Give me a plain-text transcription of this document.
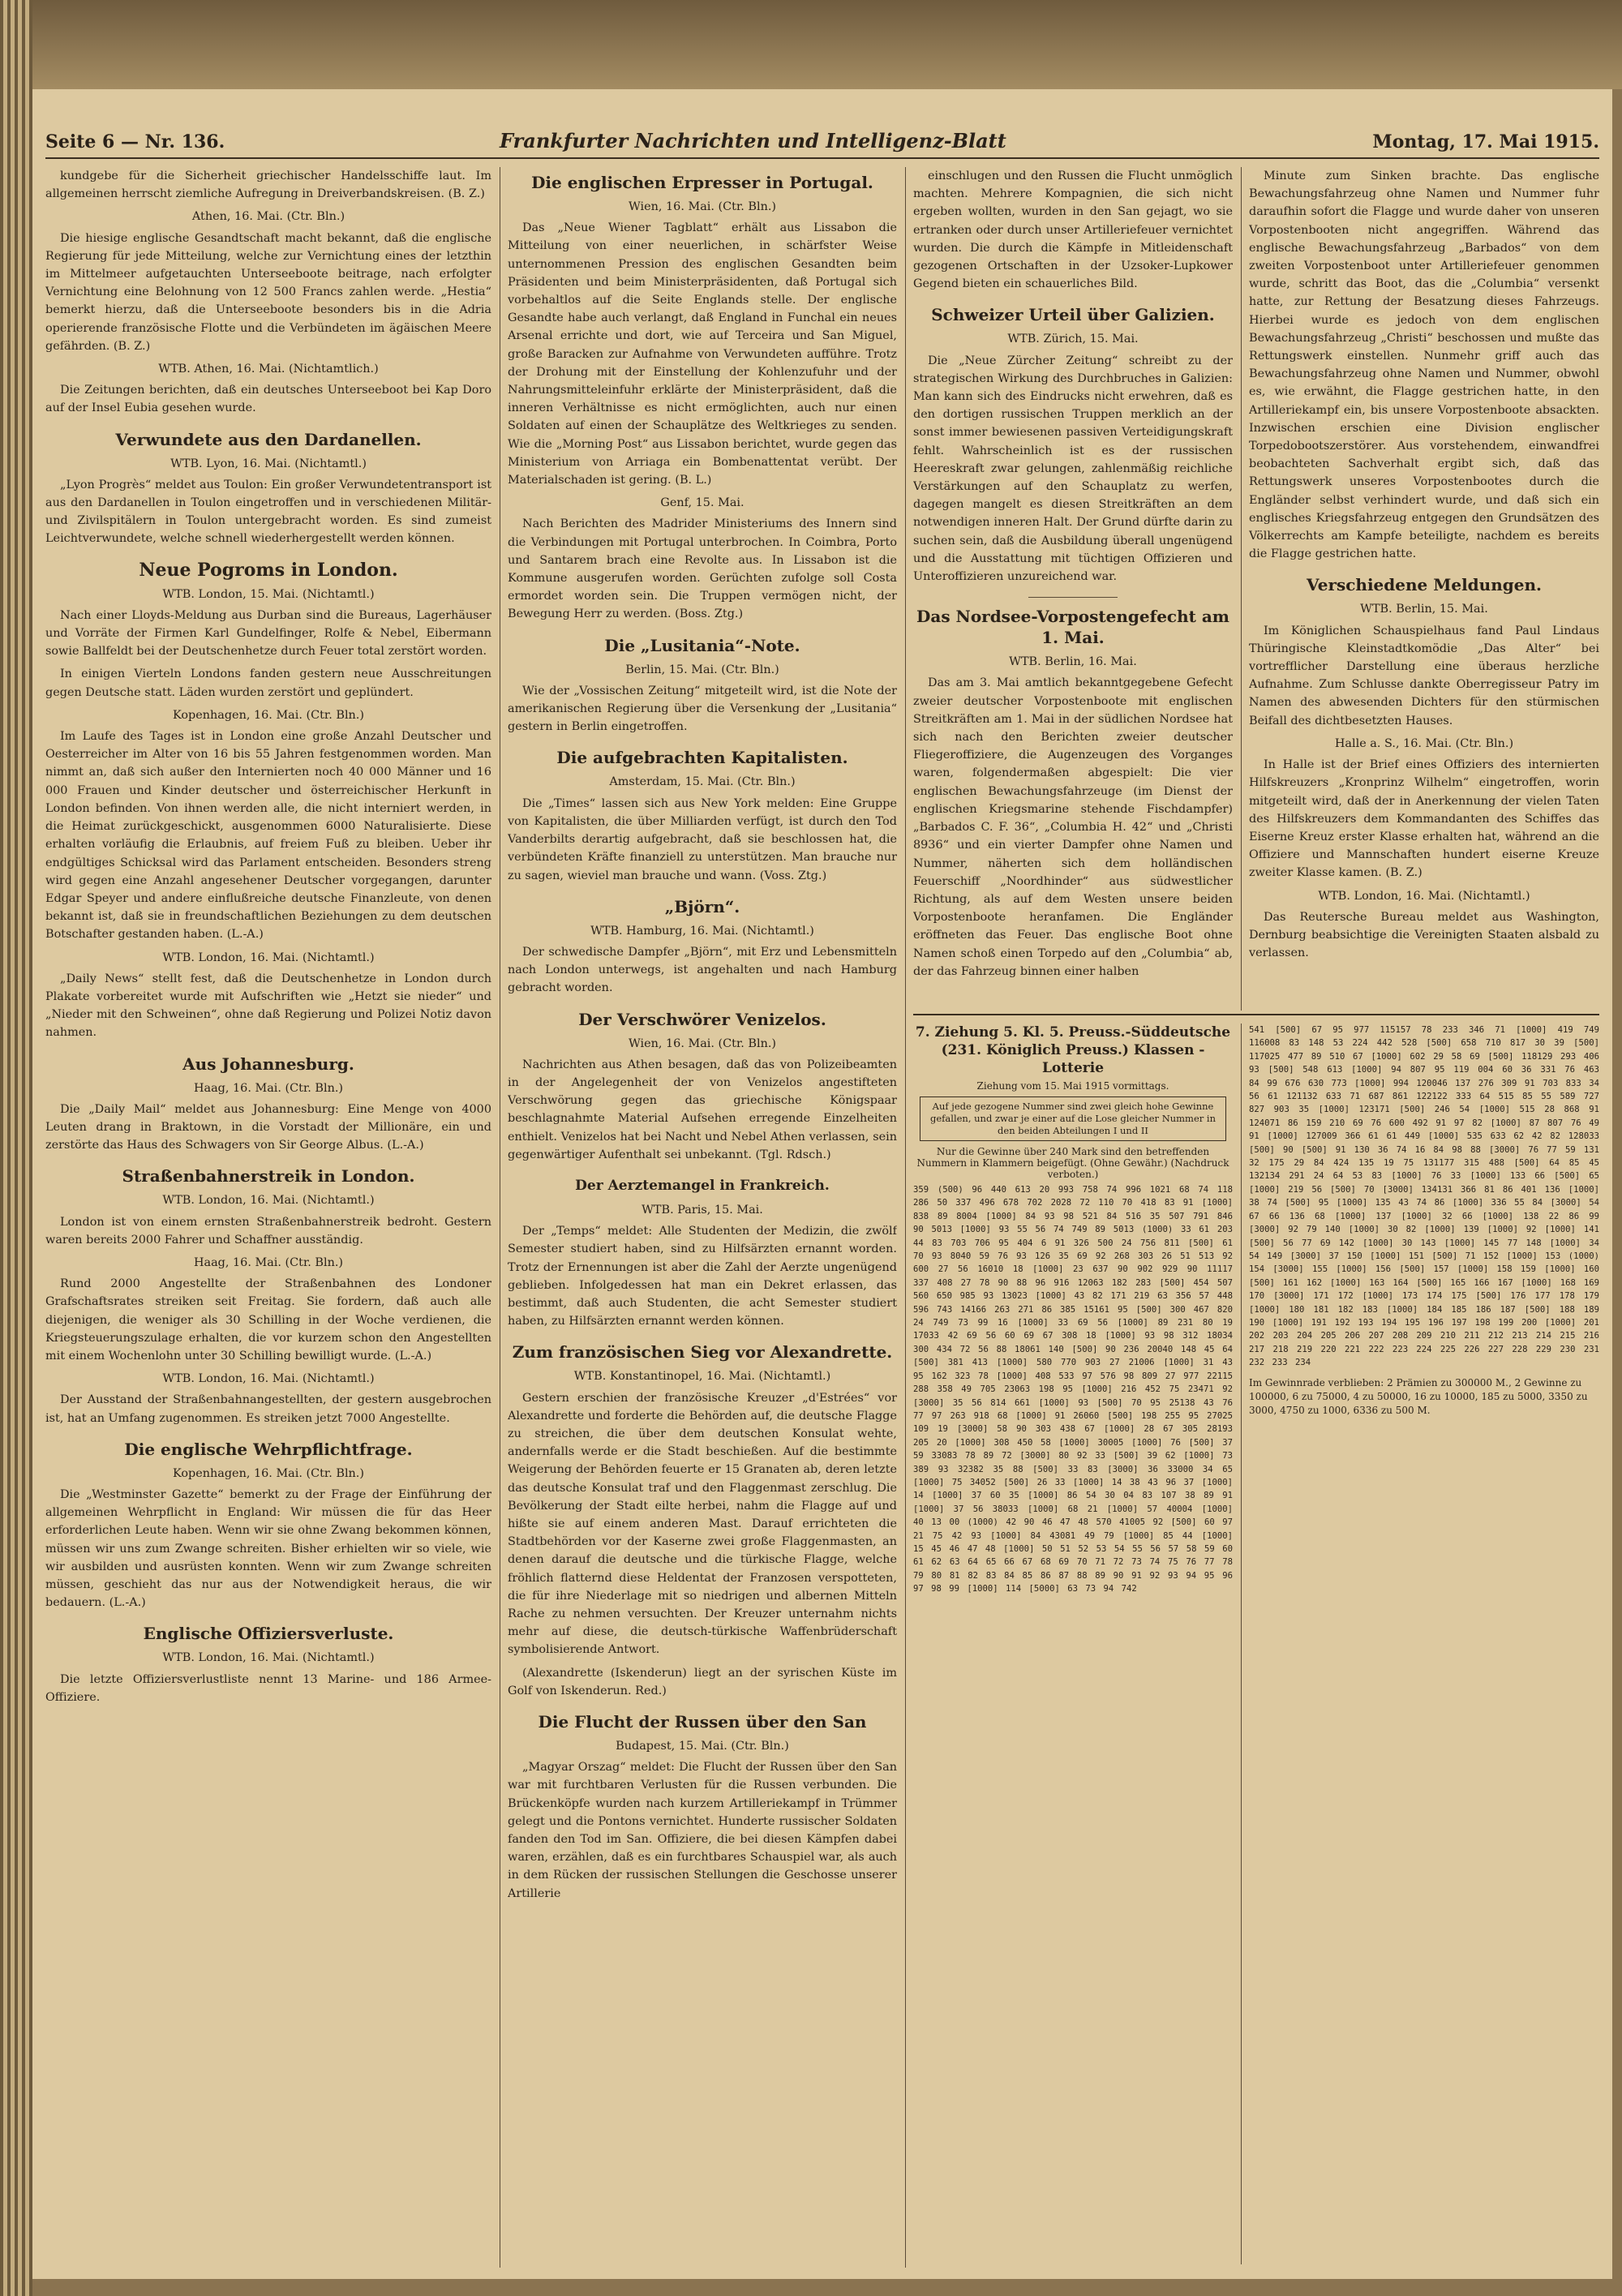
Seite 6 — Nr. 136.	Frankfurter Nachrichten und Intelligenz-Blatt	Montag, 17. Mai 1915.

kundgebe für die Sicherheit griechischer Handelsschiffe laut. Im allgemeinen herrscht ziemliche Aufregung in Dreiverbandskreisen. (B. Z.)

Athen, 16. Mai. (Ctr. Bln.)

Die hiesige englische Gesandtschaft macht bekannt, daß die englische Regierung für jede Mitteilung, welche zur Vernichtung eines der letzthin im Mittelmeer aufgetauchten Unterseeboote beitrage, nach erfolgter Vernichtung eine Belohnung von 12 500 Francs zahlen werde. „Hestia“ bemerkt hierzu, daß die Unterseeboote besonders bis in die Adria operierende französische Flotte und die Verbündeten im ägäischen Meere gefährden. (B. Z.)

WTB. Athen, 16. Mai. (Nichtamtlich.)

Die Zeitungen berichten, daß ein deutsches Unterseeboot bei Kap Doro auf der Insel Eubia gesehen wurde.

Verwundete aus den Dardanellen.
WTB. Lyon, 16. Mai. (Nichtamtl.)

„Lyon Progrès“ meldet aus Toulon: Ein großer Verwundetentransport ist aus den Dardanellen in Toulon eingetroffen und in verschiedenen Militär- und Zivilspitälern in Toulon untergebracht worden. Es sind zumeist Leichtverwundete, welche schnell wiederhergestellt werden können.

Neue Pogroms in London.
WTB. London, 15. Mai. (Nichtamtl.)

Nach einer Lloyds-Meldung aus Durban sind die Bureaus, Lagerhäuser und Vorräte der Firmen Karl Gundelfinger, Rolfe & Nebel, Eibermann sowie Ballfeldt bei der Deutschenhetze durch Feuer total zerstört worden.

In einigen Vierteln Londons fanden gestern neue Ausschreitungen gegen Deutsche statt. Läden wurden zerstört und geplündert.

Kopenhagen, 16. Mai. (Ctr. Bln.)

Im Laufe des Tages ist in London eine große Anzahl Deutscher und Oesterreicher im Alter von 16 bis 55 Jahren festgenommen worden. Man nimmt an, daß sich außer den Internierten noch 40 000 Männer und 16 000 Frauen und Kinder deutscher und österreichischer Herkunft in London befinden. Von ihnen werden alle, die nicht interniert werden, in die Heimat zurückgeschickt, ausgenommen 6000 Naturalisierte. Diese erhalten vorläufig die Erlaubnis, auf freiem Fuß zu bleiben. Ueber ihr endgültiges Schicksal wird das Parlament entscheiden. Besonders streng wird gegen eine Anzahl angesehener Deutscher vorgegangen, darunter Edgar Speyer und andere einflußreiche deutsche Finanzleute, von denen bekannt ist, daß sie in freundschaftlichen Beziehungen zu dem deutschen Botschafter gestanden haben. (L.-A.)

WTB. London, 16. Mai. (Nichtamtl.)

„Daily News“ stellt fest, daß die Deutschenhetze in London durch Plakate vorbereitet wurde mit Aufschriften wie „Hetzt sie nieder“ und „Nieder mit den Schweinen“, ohne daß Regierung und Polizei Notiz davon nahmen.

Aus Johannesburg.
Haag, 16. Mai. (Ctr. Bln.)

Die „Daily Mail“ meldet aus Johannesburg: Eine Menge von 4000 Leuten drang in Braktown, in die Vorstadt der Millionäre, ein und zerstörte das Haus des Schwagers von Sir George Albus. (L.-A.)

Straßenbahnerstreik in London.
WTB. London, 16. Mai. (Nichtamtl.)

London ist von einem ernsten Straßenbahnerstreik bedroht. Gestern waren bereits 2000 Fahrer und Schaffner ausständig.

Haag, 16. Mai. (Ctr. Bln.)

Rund 2000 Angestellte der Straßenbahnen des Londoner Grafschaftsrates streiken seit Freitag. Sie fordern, daß auch alle diejenigen, die weniger als 30 Schilling in der Woche verdienen, die Kriegsteuerungszulage erhalten, die vor kurzem schon den Angestellten mit einem Wochenlohn unter 30 Schilling bewilligt wurde. (L.-A.)

WTB. London, 16. Mai. (Nichtamtl.)

Der Ausstand der Straßenbahnangestellten, der gestern ausgebrochen ist, hat an Umfang zugenommen. Es streiken jetzt 7000 Angestellte.

Die englische Wehrpflichtfrage.
Kopenhagen, 16. Mai. (Ctr. Bln.)

Die „Westminster Gazette“ bemerkt zu der Frage der Einführung der allgemeinen Wehrpflicht in England: Wir müssen die für das Heer erforderlichen Leute haben. Wenn wir sie ohne Zwang bekommen können, müssen wir uns zum Zwange schreiten. Bisher erhielten wir so viele, wie wir ausbilden und ausrüsten konnten. Wenn wir zum Zwange schreiten müssen, geschieht das nur aus der Notwendigkeit heraus, die wir bedauern. (L.-A.)

Englische Offiziersverluste.
WTB. London, 16. Mai. (Nichtamtl.)

Die letzte Offiziersverlustliste nennt 13 Marine- und 186 Armee-Offiziere.

Die englischen Erpresser in Portugal.
Wien, 16. Mai. (Ctr. Bln.)

Das „Neue Wiener Tagblatt“ erhält aus Lissabon die Mitteilung von einer neuerlichen, in schärfster Weise unternommenen Pression des englischen Gesandten beim Präsidenten und beim Ministerpräsidenten, daß Portugal sich vorbehaltlos auf die Seite Englands stelle. Der englische Gesandte habe auch verlangt, daß England in Funchal ein neues Arsenal errichte und dort, wie auf Terceira und San Miguel, große Baracken zur Aufnahme von Verwundeten aufführe. Trotz der Drohung mit der Einstellung der Kohlenzufuhr und der Nahrungsmitteleinfuhr erklärte der Ministerpräsident, daß die inneren Verhältnisse es nicht ermöglichten, auch nur einen Soldaten auf einen der Schauplätze des Weltkrieges zu senden. Wie die „Morning Post“ aus Lissabon berichtet, wurde gegen das Ministerium von Arriaga ein Bombenattentat verübt. Der Materialschaden ist gering. (B. L.)

Genf, 15. Mai.

Nach Berichten des Madrider Ministeriums des Innern sind die Verbindungen mit Portugal unterbrochen. In Coimbra, Porto und Santarem brach eine Revolte aus. In Lissabon ist die Kommune ausgerufen worden. Gerüchten zufolge soll Costa ermordet worden sein. Die Truppen vermögen nicht, der Bewegung Herr zu werden. (Boss. Ztg.)

Die „Lusitania“-Note.
Berlin, 15. Mai. (Ctr. Bln.)

Wie der „Vossischen Zeitung“ mitgeteilt wird, ist die Note der amerikanischen Regierung über die Versenkung der „Lusitania“ gestern in Berlin eingetroffen.

Die aufgebrachten Kapitalisten.
Amsterdam, 15. Mai. (Ctr. Bln.)

Die „Times“ lassen sich aus New York melden: Eine Gruppe von Kapitalisten, die über Milliarden verfügt, ist durch den Tod Vanderbilts derartig aufgebracht, daß sie beschlossen hat, die verbündeten Kräfte finanziell zu unterstützen. Man brauche nur zu sagen, wieviel man brauche und wann. (Voss. Ztg.)

„Björn“.
WTB. Hamburg, 16. Mai. (Nichtamtl.)

Der schwedische Dampfer „Björn“, mit Erz und Lebensmitteln nach London unterwegs, ist angehalten und nach Hamburg gebracht worden.

Der Verschwörer Venizelos.
Wien, 16. Mai. (Ctr. Bln.)

Nachrichten aus Athen besagen, daß das von Polizeibeamten in der Angelegenheit der von Venizelos angestifteten Verschwörung gegen das griechische Königspaar beschlagnahmte Material Aufsehen erregende Einzelheiten enthielt. Venizelos hat bei Nacht und Nebel Athen verlassen, sein gegenwärtiger Aufenthalt sei unbekannt. (Tgl. Rdsch.)

Der Aerztemangel in Frankreich.
WTB. Paris, 15. Mai.

Der „Temps“ meldet: Alle Studenten der Medizin, die zwölf Semester studiert haben, sind zu Hilfsärzten ernannt worden. Trotz der Ernennungen ist aber die Zahl der Aerzte ungenügend geblieben. Infolgedessen hat man ein Dekret erlassen, das bestimmt, daß auch Studenten, die acht Semester studiert haben, zu Hilfsärzten ernannt werden können.

Zum französischen Sieg vor Alexandrette.
WTB. Konstantinopel, 16. Mai. (Nichtamtl.)

Gestern erschien der französische Kreuzer „d'Estrées“ vor Alexandrette und forderte die Behörden auf, die deutsche Flagge zu streichen, die über dem deutschen Konsulat wehte, andernfalls werde er die Stadt beschießen. Auf die bestimmte Weigerung der Behörden feuerte er 15 Granaten ab, deren letzte das deutsche Konsulat traf und den Flaggenmast zerschlug. Die Bevölkerung der Stadt eilte herbei, nahm die Flagge auf und hißte sie auf einem anderen Mast. Darauf errichteten die Stadtbehörden vor der Kaserne zwei große Flaggenmasten, an denen darauf die deutsche und die türkische Flagge, welche fröhlich flatternd diese Heldentat der Franzosen verspotteten, die für ihre Niederlage mit so niedrigen und albernen Mitteln Rache zu nehmen versuchten. Der Kreuzer unternahm nichts mehr auf diese, die deutsch-türkische Waffenbrüderschaft symbolisierende Antwort.

(Alexandrette (Iskenderun) liegt an der syrischen Küste im Golf von Iskenderun. Red.)

Die Flucht der Russen über den San
Budapest, 15. Mai. (Ctr. Bln.)

„Magyar Orszag“ meldet: Die Flucht der Russen über den San war mit furchtbaren Verlusten für die Russen verbunden. Die Brückenköpfe wurden nach kurzem Artilleriekampf in Trümmer gelegt und die Pontons vernichtet. Hunderte russischer Soldaten fanden den Tod im San. Offiziere, die bei diesen Kämpfen dabei waren, erzählen, daß es ein furchtbares Schauspiel war, als auch in dem Rücken der russischen Stellungen die Geschosse unserer Artillerie

einschlugen und den Russen die Flucht unmöglich machten. Mehrere Kompagnien, die sich nicht ergeben wollten, wurden in den San gejagt, wo sie ertranken oder durch unser Artilleriefeuer vernichtet wurden. Die durch die Kämpfe in Mitleidenschaft gezogenen Ortschaften in der Uzsoker-Lupkower Gegend bieten ein schauerliches Bild.

Schweizer Urteil über Galizien.
WTB. Zürich, 15. Mai.

Die „Neue Zürcher Zeitung“ schreibt zu der strategischen Wirkung des Durchbruches in Galizien: Man kann sich des Eindrucks nicht erwehren, daß es den dortigen russischen Truppen merklich an der sonst immer bewiesenen passiven Verteidigungskraft fehlt. Wahrscheinlich ist es der russischen Heereskraft zwar gelungen, zahlenmäßig reichliche Verstärkungen auf den Schauplatz zu werfen, dagegen mangelt es diesen Streitkräften an dem notwendigen inneren Halt. Der Grund dürfte darin zu suchen sein, daß die Ausbildung überall ungenügend und die Ausstattung mit tüchtigen Offizieren und Unteroffizieren unzureichend war.

Das Nordsee-Vorpostengefecht am 1. Mai.
WTB. Berlin, 16. Mai.

Das am 3. Mai amtlich bekanntgegebene Gefecht zweier deutscher Vorpostenboote mit englischen Streitkräften am 1. Mai in der südlichen Nordsee hat sich nach den Berichten zweier deutscher Fliegeroffiziere, die Augenzeugen des Vorganges waren, folgendermaßen abgespielt: Die vier englischen Bewachungsfahrzeuge (im Dienst der englischen Kriegsmarine stehende Fischdampfer) „Barbados C. F. 36“, „Columbia H. 42“ und „Christi 8936“ und ein vierter Dampfer ohne Namen und Nummer, näherten sich dem holländischen Feuerschiff „Noordhinder“ aus südwestlicher Richtung, als auf dem Westen unsere beiden Vorpostenboote heranfamen. Die Engländer eröffneten das Feuer. Das englische Boot ohne Namen schoß einen Torpedo auf den „Columbia“ ab, der das Fahrzeug binnen einer halben

Minute zum Sinken brachte. Das englische Bewachungsfahrzeug ohne Namen und Nummer fuhr daraufhin sofort die Flagge und wurde daher von unseren Vorpostenbooten nicht angegriffen. Während das englische Bewachungsfahrzeug „Barbados“ von dem zweiten Vorpostenboot unter Artilleriefeuer genommen wurde, schritt das Boot, das die „Columbia“ versenkt hatte, zur Rettung der Besatzung dieses Fahrzeugs. Hierbei wurde es jedoch von dem englischen Bewachungsfahrzeug „Christi“ beschossen und mußte das Rettungswerk einstellen. Nunmehr griff auch das Bewachungsfahrzeug ohne Namen und Nummer, obwohl es, wie erwähnt, die Flagge gestrichen hatte, in den Artilleriekampf ein, bis unsere Vorpostenboote absackten. Inzwischen erschien eine Division englischer Torpedobootszerstörer. Aus vorstehendem, einwandfrei beobachteten Sachverhalt ergibt sich, daß das Rettungswerk unseres Vorpostenbootes durch die Engländer selbst verhindert wurde, und daß sich ein englisches Kriegsfahrzeug entgegen den Grundsätzen des Völkerrechts am Kampfe beteiligte, nachdem es bereits die Flagge gestrichen hatte.

Verschiedene Meldungen.
WTB. Berlin, 15. Mai.

Im Königlichen Schauspielhaus fand Paul Lindaus Thüringische Kleinstadtkomödie „Das Alter“ bei vortrefflicher Darstellung eine überaus herzliche Aufnahme. Zum Schlusse dankte Oberregisseur Patry im Namen des abwesenden Dichters für den stürmischen Beifall des dichtbesetzten Hauses.

Halle a. S., 16. Mai. (Ctr. Bln.)

In Halle ist der Brief eines Offiziers des internierten Hilfskreuzers „Kronprinz Wilhelm“ eingetroffen, worin mitgeteilt wird, daß der in Anerkennung der vielen Taten des Hilfskreuzers dem Kommandanten des Schiffes das Eiserne Kreuz erster Klasse erhalten hat, während an die Offiziere und Mannschaften hundert eiserne Kreuze zweiter Klasse kamen. (B. Z.)

WTB. London, 16. Mai. (Nichtamtl.)

Das Reutersche Bureau meldet aus Washington, Dernburg beabsichtige die Vereinigten Staaten alsbald zu verlassen.

7. Ziehung 5. Kl. 5. Preuss.-Süddeutsche (231. Königlich Preuss.) Klassen - Lotterie
Ziehung vom 15. Mai 1915 vormittags.
Auf jede gezogene Nummer sind zwei gleich hohe Gewinne gefallen, und zwar je einer auf die Lose gleicher Nummer in den beiden Abteilungen I und II
Nur die Gewinne über 240 Mark sind den betreffenden Nummern in Klammern beigefügt. (Ohne Gewähr.) (Nachdruck verboten.)
359 (500) 96 440 613 20 993 758 74 996 1021 68 74 118 286 50 337 496 678 702 2028 72 110 70 418 83 91 [1000] 838 89 8004 [1000] 84 93 98 521 84 516 35 507 791 846 90 5013 [1000] 93 55 56 74 749 89 5013 (1000) 33 61 203 44 83 703 706 95 404 6 91 326 500 24 756 811 [500] 61 70 93 8040 59 76 93 126 35 69 92 268 303 26 51 513 92 600 27 56 16010 18 [1000] 23 637 90 902 929 90 11117 337 408 27 78 90 88 96 916 12063 182 283 [500] 454 507 560 650 985 93 13023 [1000] 43 82 171 219 63 356 57 448 596 743 14166 263 271 86 385 15161 95 [500] 300 467 820 24 749 73 99 16 [1000] 33 69 56 [1000] 89 231 80 19 17033 42 69 56 60 69 67 308 18 [1000] 93 98 312 18034 300 434 72 56 88 18061 140 [500] 90 236 20040 148 45 64 [500] 381 413 [1000] 580 770 903 27 21006 [1000] 31 43 95 162 323 78 [1000] 408 533 97 576 98 809 27 977 22115 288 358 49 705 23063 198 95 [1000] 216 452 75 23471 92 [3000] 35 56 814 661 [1000] 93 [500] 70 95 25138 43 76 77 97 263 918 68 [1000] 91 26060 [500] 198 255 95 27025 109 19 [3000] 58 90 303 438 67 [1000] 28 67 305 28193 205 20 [1000] 308 450 58 [1000] 30005 [1000] 76 [500] 37 59 33083 78 89 72 [3000] 80 92 33 [500] 39 62 [1000] 73 389 93 32382 35 88 [500] 33 83 [3000] 36 33000 34 65 [1000] 75 34052 [500] 26 33 [1000] 14 38 43 96 37 [1000] 14 [1000] 37 60 35 [1000] 86 54 30 04 83 107 38 89 91 [1000] 37 56 38033 [1000] 68 21 [1000] 57 40004 [1000] 40 13 00 (1000) 42 90 46 47 48 570 41005 92 [500] 60 97 21 75 42 93 [1000] 84 43081 49 79 [1000] 85 44 [1000] 15 45 46 47 48 [1000] 50 51 52 53 54 55 56 57 58 59 60 61 62 63 64 65 66 67 68 69 70 71 72 73 74 75 76 77 78 79 80 81 82 83 84 85 86 87 88 89 90 91 92 93 94 95 96 97 98 99 [1000] 114 [5000] 63 73 94 742
541 [500] 67 95 977 115157 78 233 346 71 [1000] 419 749 116008 83 148 53 224 442 528 [500] 658 710 817 30 39 [500] 117025 477 89 510 67 [1000] 602 29 58 69 [500] 118129 293 406 93 [500] 548 613 [1000] 94 807 95 119 004 60 36 331 76 463 84 99 676 630 773 [1000] 994 120046 137 276 309 91 703 833 34 56 61 121132 633 71 687 861 122122 333 64 515 85 55 589 727 827 903 35 [1000] 123171 [500] 246 54 [1000] 515 28 868 91 124071 86 159 210 69 76 600 492 91 97 82 [1000] 87 807 76 49 91 [1000] 127009 366 61 61 449 [1000] 535 633 62 42 82 128033 [500] 90 [500] 91 130 36 74 16 84 98 88 [3000] 76 77 59 131 32 175 29 84 424 135 19 75 131177 315 488 [500] 64 85 45 132134 291 24 64 53 83 [1000] 76 33 [1000] 133 66 [500] 65 [1000] 219 56 [500] 70 [3000] 134131 366 81 86 401 136 [1000] 38 74 [500] 95 [1000] 135 43 74 86 [1000] 336 55 84 [3000] 54 67 66 136 68 [1000] 137 [1000] 32 66 [1000] 138 22 86 99 [3000] 92 79 140 [1000] 30 82 [1000] 139 [1000] 92 [1000] 141 [500] 56 77 69 142 [1000] 30 143 [1000] 145 77 148 [1000] 34 54 149 [3000] 37 150 [1000] 151 [500] 71 152 [1000] 153 (1000) 154 [3000] 155 [1000] 156 [500] 157 [1000] 158 159 [1000] 160 [500] 161 162 [1000] 163 164 [500] 165 166 167 [1000] 168 169 170 [3000] 171 172 [1000] 173 174 175 [500] 176 177 178 179 [1000] 180 181 182 183 [1000] 184 185 186 187 [500] 188 189 190 [1000] 191 192 193 194 195 196 197 198 199 200 [1000] 201 202 203 204 205 206 207 208 209 210 211 212 213 214 215 216 217 218 219 220 221 222 223 224 225 226 227 228 229 230 231 232 233 234
Im Gewinnrade verblieben: 2 Prämien zu 300000 M., 2 Gewinne zu 100000, 6 zu 75000, 4 zu 50000, 16 zu 10000, 185 zu 5000, 3350 zu 3000, 4750 zu 1000, 6336 zu 500 M.
